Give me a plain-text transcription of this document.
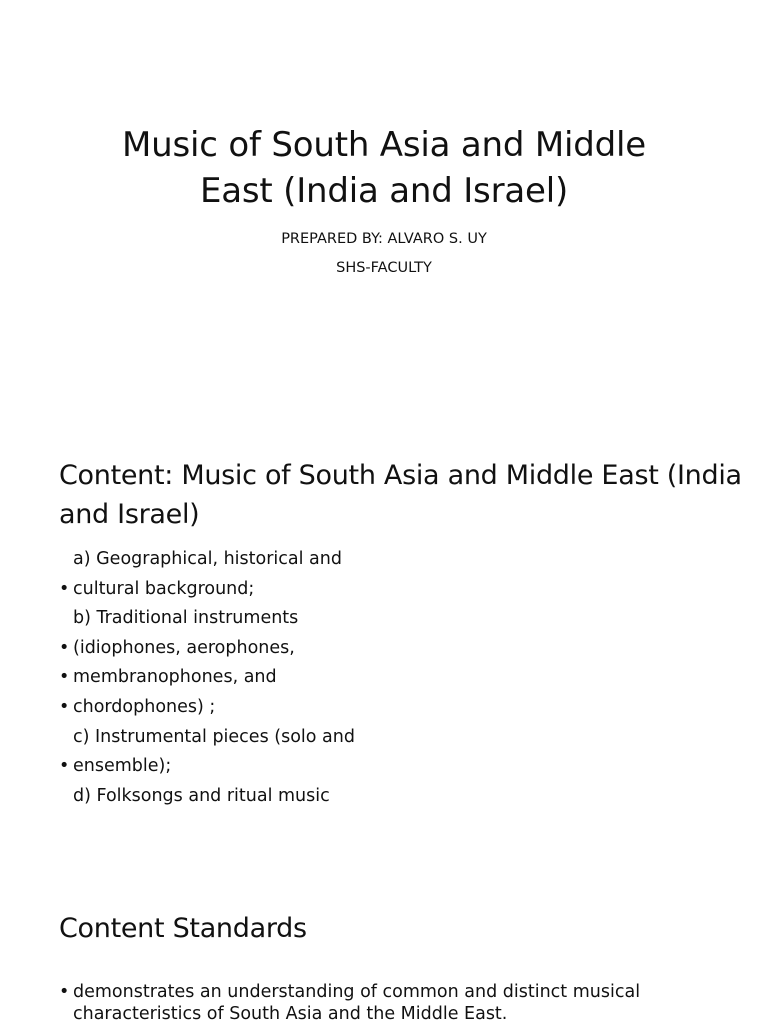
Music of South Asia and Middle East (India and Israel)

PREPARED BY: ALVARO S. UY

SHS-FACULTY

Content: Music of South Asia and Middle East (India and Israel)
a) Geographical, historical and
• cultural background;
b) Traditional instruments
• (idiophones, aerophones,
• membranophones, and
• chordophones) ;
c) Instrumental pieces (solo and
• ensemble);
d) Folksongs and ritual music
Content Standards
• demonstrates an understanding of common and distinct musical characteristics of South Asia and the Middle East.
